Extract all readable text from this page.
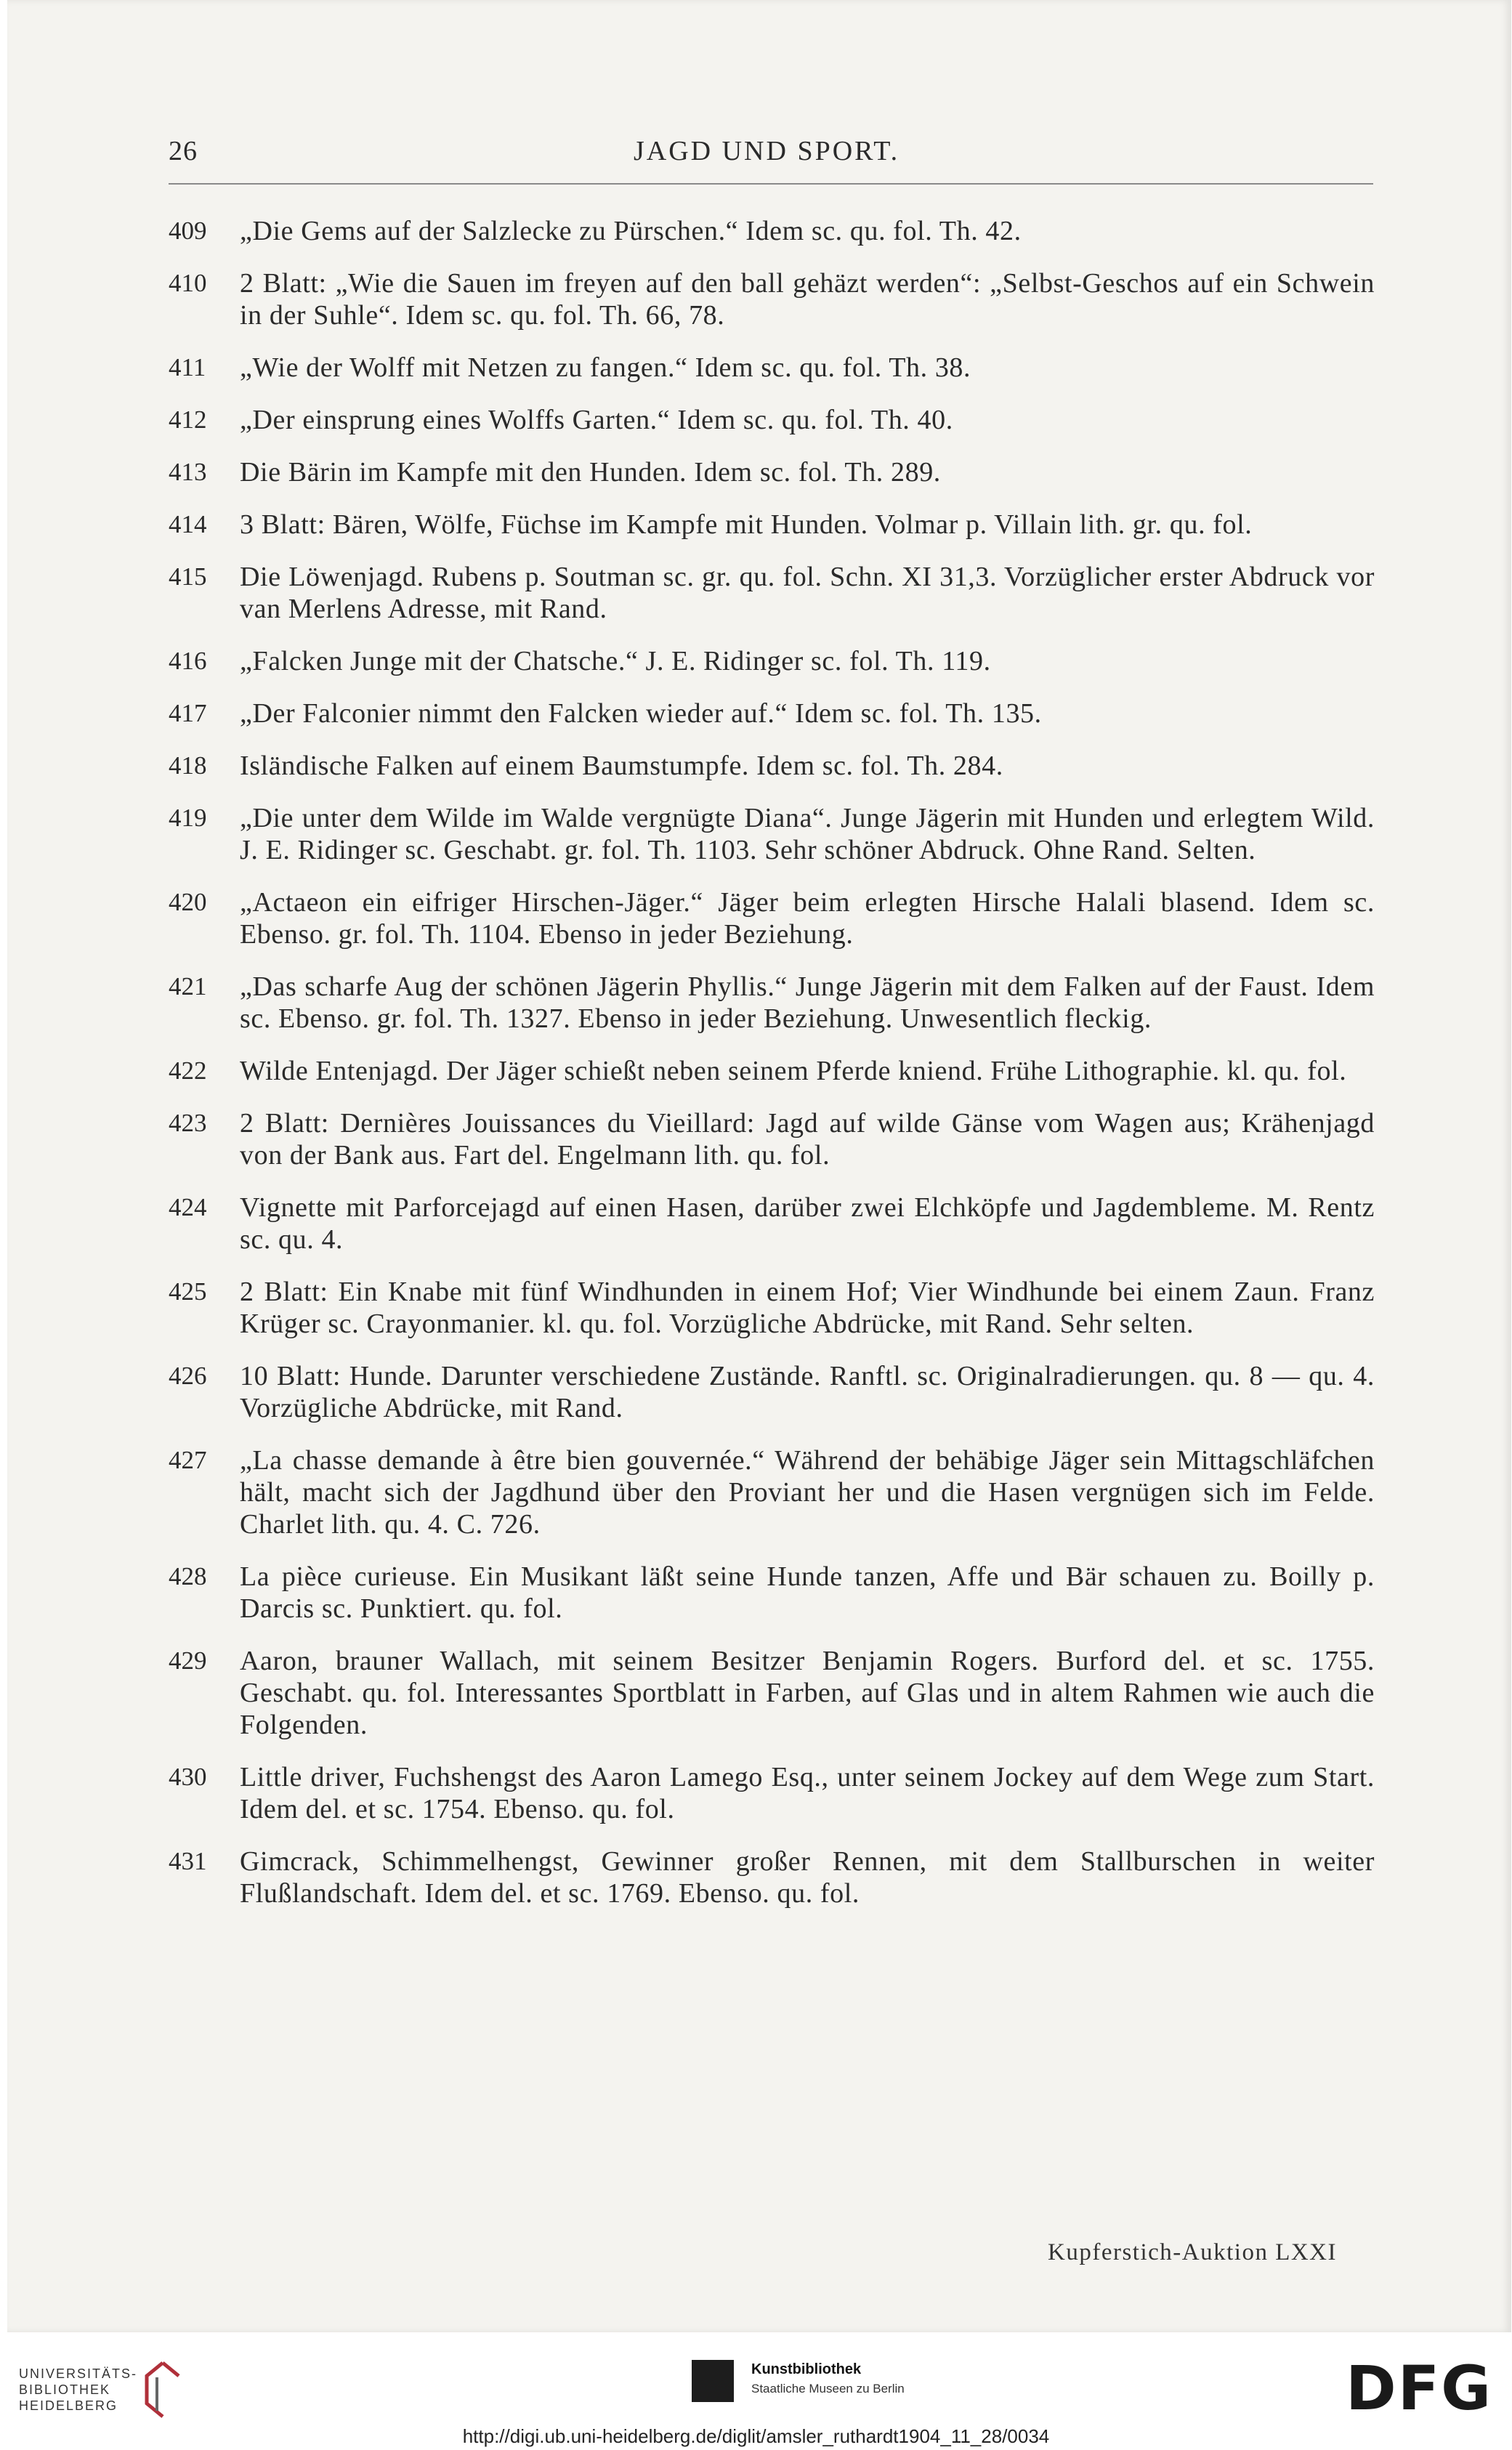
26	JAGD UND SPORT.
409	„Die Gems auf der Salzlecke zu Pürschen.“ Idem sc. qu. fol. Th. 42.
410	2 Blatt: „Wie die Sauen im freyen auf den ball gehäzt werden“: „Selbst-Geschos auf ein Schwein in der Suhle“. Idem sc. qu. fol. Th. 66, 78.
411	„Wie der Wolff mit Netzen zu fangen.“ Idem sc. qu. fol. Th. 38.
412	„Der einsprung eines Wolffs Garten.“ Idem sc. qu. fol. Th. 40.
413	Die Bärin im Kampfe mit den Hunden. Idem sc. fol. Th. 289.
414	3 Blatt: Bären, Wölfe, Füchse im Kampfe mit Hunden. Volmar p. Villain lith. gr. qu. fol.
415	Die Löwenjagd. Rubens p. Soutman sc. gr. qu. fol. Schn. XI 31,3. Vorzüglicher erster Abdruck vor van Merlens Adresse, mit Rand.
416	„Falcken Junge mit der Chatsche.“ J. E. Ridinger sc. fol. Th. 119.
417	„Der Falconier nimmt den Falcken wieder auf.“ Idem sc. fol. Th. 135.
418	Isländische Falken auf einem Baumstumpfe. Idem sc. fol. Th. 284.
419	„Die unter dem Wilde im Walde vergnügte Diana“. Junge Jägerin mit Hunden und erlegtem Wild. J. E. Ridinger sc. Geschabt. gr. fol. Th. 1103. Sehr schöner Abdruck. Ohne Rand. Selten.
420	„Actaeon ein eifriger Hirschen-Jäger.“ Jäger beim erlegten Hirsche Halali blasend. Idem sc. Ebenso. gr. fol. Th. 1104. Ebenso in jeder Beziehung.
421	„Das scharfe Aug der schönen Jägerin Phyllis.“ Junge Jägerin mit dem Falken auf der Faust. Idem sc. Ebenso. gr. fol. Th. 1327. Ebenso in jeder Beziehung. Unwesentlich fleckig.
422	Wilde Entenjagd. Der Jäger schießt neben seinem Pferde kniend. Frühe Lithographie. kl. qu. fol.
423	2 Blatt: Dernières Jouissances du Vieillard: Jagd auf wilde Gänse vom Wagen aus; Krähenjagd von der Bank aus. Fart del. Engelmann lith. qu. fol.
424	Vignette mit Parforcejagd auf einen Hasen, darüber zwei Elchköpfe und Jagdembleme. M. Rentz sc. qu. 4.
425	2 Blatt: Ein Knabe mit fünf Windhunden in einem Hof; Vier Windhunde bei einem Zaun. Franz Krüger sc. Crayonmanier. kl. qu. fol. Vorzügliche Abdrücke, mit Rand. Sehr selten.
426	10 Blatt: Hunde. Darunter verschiedene Zustände. Ranftl. sc. Originalradierungen. qu. 8 — qu. 4. Vorzügliche Abdrücke, mit Rand.
427	„La chasse demande à être bien gouvernée.“ Während der behäbige Jäger sein Mittagschläfchen hält, macht sich der Jagdhund über den Proviant her und die Hasen vergnügen sich im Felde. Charlet lith. qu. 4. C. 726.
428	La pièce curieuse. Ein Musikant läßt seine Hunde tanzen, Affe und Bär schauen zu. Boilly p. Darcis sc. Punktiert. qu. fol.
429	Aaron, brauner Wallach, mit seinem Besitzer Benjamin Rogers. Burford del. et sc. 1755. Geschabt. qu. fol. Interessantes Sportblatt in Farben, auf Glas und in altem Rahmen wie auch die Folgenden.
430	Little driver, Fuchshengst des Aaron Lamego Esq., unter seinem Jockey auf dem Wege zum Start. Idem del. et sc. 1754. Ebenso. qu. fol.
431	Gimcrack, Schimmelhengst, Gewinner großer Rennen, mit dem Stallburschen in weiter Flußlandschaft. Idem del. et sc. 1769. Ebenso. qu. fol.
Kupferstich-Auktion LXXI
UNIVERSITÄTS-
BIBLIOTHEK
HEIDELBERG
Kunstbibliothek
Staatliche Museen zu Berlin	DFG
http://digi.ub.uni-heidelberg.de/diglit/amsler_ruthardt1904_11_28/0034
